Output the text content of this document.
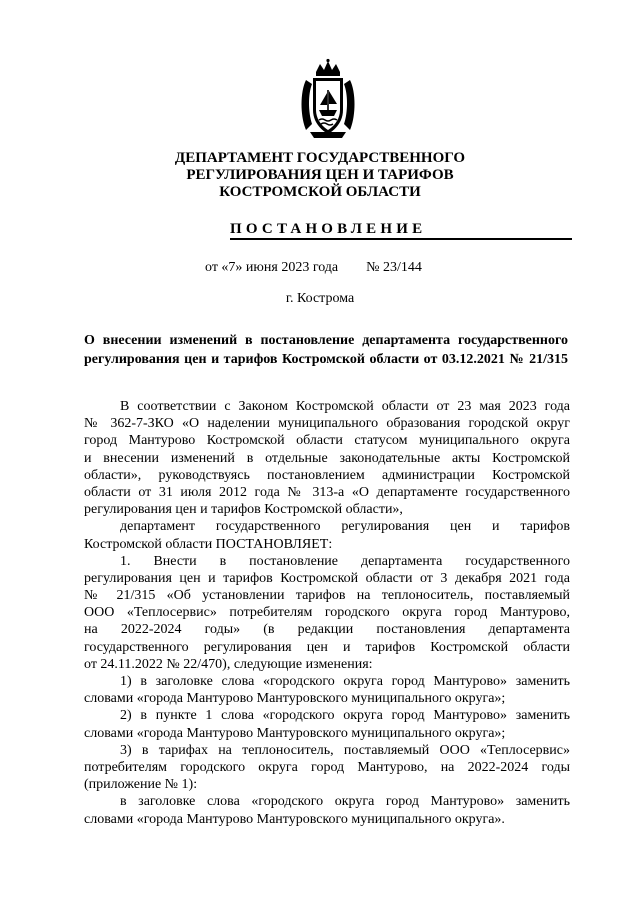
ДЕПАРТАМЕНТ ГОСУДАРСТВЕННОГО
РЕГУЛИРОВАНИЯ ЦЕН И ТАРИФОВ
КОСТРОМСКОЙ ОБЛАСТИ
ПОСТАНОВЛЕНИЕ
от «7» июня 2023 года № 23/144
г. Кострома
О внесении изменений в постановление департамента государственного
регулирования цен и тарифов Костромской области от 03.12.2021 № 21/315
В соответствии с Законом Костромской области от 23 мая 2023 года
№ 362-7-ЗКО «О наделении муниципального образования городской округ
город Мантурово Костромской области статусом муниципального округа
и внесении изменений в отдельные законодательные акты Костромской
области», руководствуясь постановлением администрации Костромской
области от 31 июля 2012 года № 313-а «О департаменте государственного
регулирования цен и тарифов Костромской области»,
департамент государственного регулирования цен и тарифов
Костромской области ПОСТАНОВЛЯЕТ:
1. Внести в постановление департамента государственного
регулирования цен и тарифов Костромской области от 3 декабря 2021 года
№ 21/315 «Об установлении тарифов на теплоноситель, поставляемый
ООО «Теплосервис» потребителям городского округа город Мантурово,
на 2022-2024 годы» (в редакции постановления департамента
государственного регулирования цен и тарифов Костромской области
от 24.11.2022 № 22/470), следующие изменения:
1) в заголовке слова «городского округа город Мантурово» заменить
словами «города Мантурово Мантуровского муниципального округа»;
2) в пункте 1 слова «городского округа город Мантурово» заменить
словами «города Мантурово Мантуровского муниципального округа»;
3) в тарифах на теплоноситель, поставляемый ООО «Теплосервис»
потребителям городского округа город Мантурово, на 2022-2024 годы
(приложение № 1):
в заголовке слова «городского округа город Мантурово» заменить
словами «города Мантурово Мантуровского муниципального округа».
